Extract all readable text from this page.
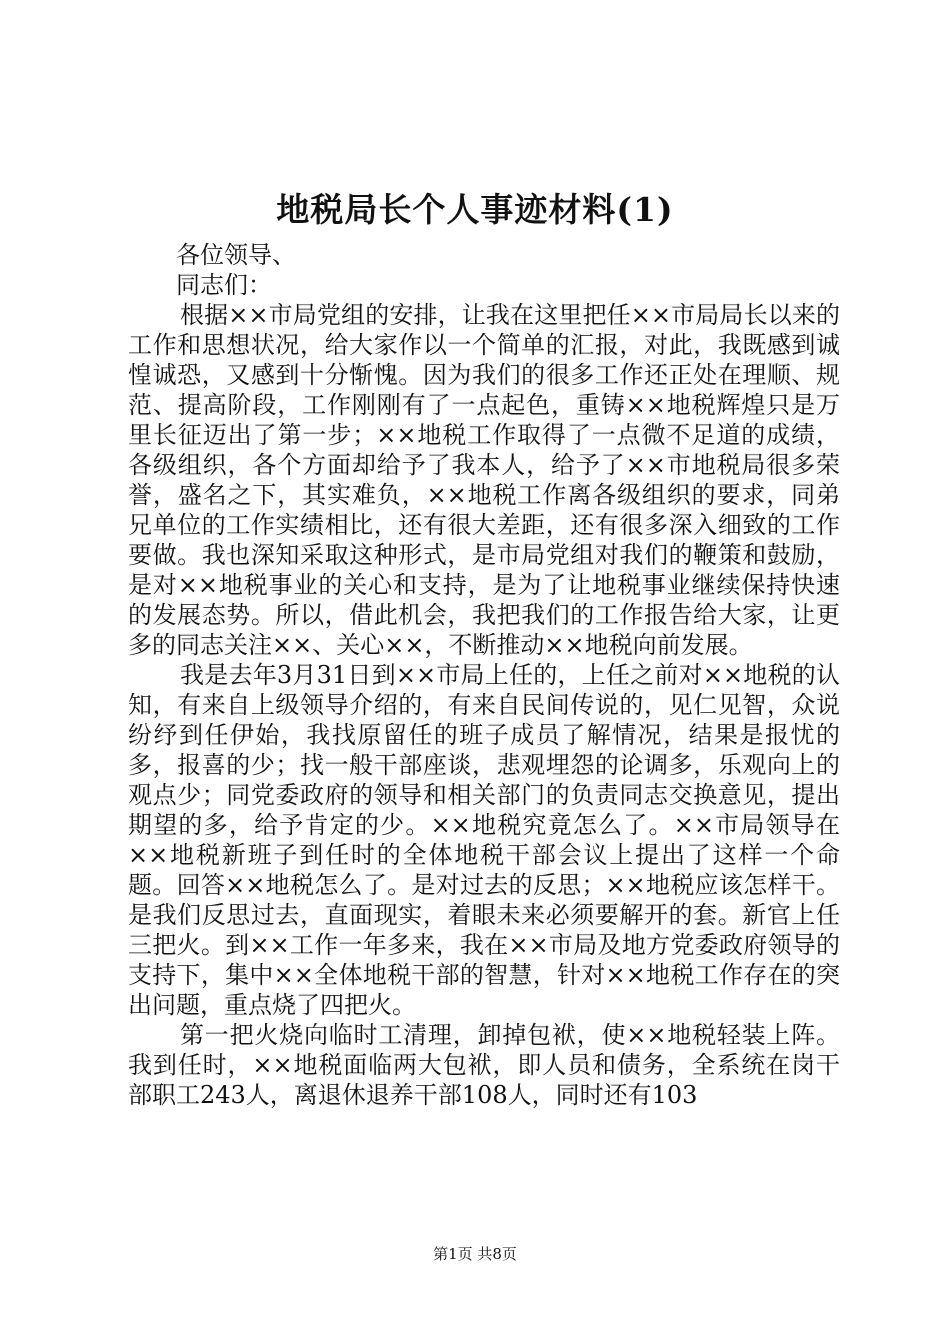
地税局长个人事迹材料(1)

各位领导、

同志们：

根据××市局党组的安排，让我在这里把任××市局局长以来的工作和思想状况，给大家作以一个简单的汇报，对此，我既感到诚惶诚恐，又感到十分惭愧。因为我们的很多工作还正处在理顺、规范、提高阶段，工作刚刚有了一点起色，重铸××地税辉煌只是万里长征迈出了第一步；××地税工作取得了一点微不足道的成绩，各级组织，各个方面却给予了我本人，给予了××市地税局很多荣誉，盛名之下，其实难负，××地税工作离各级组织的要求，同弟兄单位的工作实绩相比，还有很大差距，还有很多深入细致的工作要做。我也深知采取这种形式，是市局党组对我们的鞭策和鼓励，是对××地税事业的关心和支持，是为了让地税事业继续保持快速的发展态势。所以，借此机会，我把我们的工作报告给大家，让更多的同志关注××、关心××，不断推动××地税向前发展。

我是去年3月31日到××市局上任的，上任之前对××地税的认知，有来自上级领导介绍的，有来自民间传说的，见仁见智，众说纷纾到任伊始，我找原留任的班子成员了解情况，结果是报忧的多，报喜的少；找一般干部座谈，悲观埋怨的论调多，乐观向上的观点少；同党委政府的领导和相关部门的负责同志交换意见，提出期望的多，给予肯定的少。××地税究竟怎么了。××市局领导在××地税新班子到任时的全体地税干部会议上提出了这样一个命题。回答××地税怎么了。是对过去的反思；××地税应该怎样干。是我们反思过去，直面现实，着眼未来必须要解开的套。新官上任三把火。到××工作一年多来，我在××市局及地方党委政府领导的支持下，集中××全体地税干部的智慧，针对××地税工作存在的突出问题，重点烧了四把火。

第一把火烧向临时工清理，卸掉包袱，使××地税轻装上阵。我到任时，××地税面临两大包袱，即人员和债务，全系统在岗干部职工243人，离退休退养干部108人，同时还有103

第1页 共8页
